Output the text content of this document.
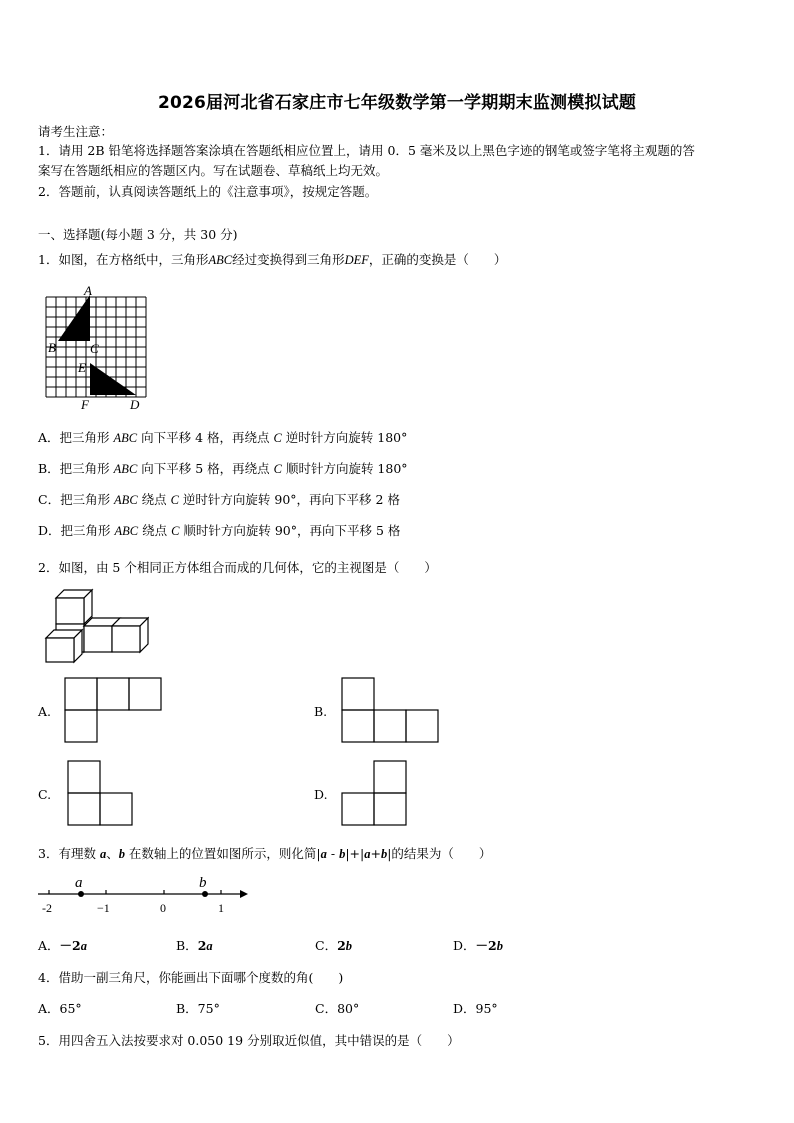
2026届河北省石家庄市七年级数学第一学期期末监测模拟试题
请考生注意：
1．请用 2B 铅笔将选择题答案涂填在答题纸相应位置上，请用 0．5 毫米及以上黑色字迹的钢笔或签字笔将主观题的答
案写在答题纸相应的答题区内。写在试题卷、草稿纸上均无效。
2．答题前，认真阅读答题纸上的《注意事项》，按规定答题。
一、选择题(每小题 3 分，共 30 分)
1．如图，在方格纸中，三角形ABC经过变换得到三角形DEF，正确的变换是（　　）
A
B	C
E
F	D
A．把三角形 ABC 向下平移 4 格，再绕点 C 逆时针方向旋转 180°
B．把三角形 ABC 向下平移 5 格，再绕点 C 顺时针方向旋转 180°
C．把三角形 ABC 绕点 C 逆时针方向旋转 90°，再向下平移 2 格
D．把三角形 ABC 绕点 C 顺时针方向旋转 90°，再向下平移 5 格
2．如图，由 5 个相同正方体组合而成的几何体，它的主视图是（　　）
A.	B.
C.	D.
3．有理数 a、b 在数轴上的位置如图所示，则化简|a - b|+|a+b|的结果为（　　）
a	b
-2	−1	0	1
A．－2a	B．2a	C．2b	D．－2b
4．借助一副三角尺，你能画出下面哪个度数的角(　　)
A．65°	B．75°	C．80°	D．95°
5．用四舍五入法按要求对 0.050 19 分别取近似值，其中错误的是（　　）
